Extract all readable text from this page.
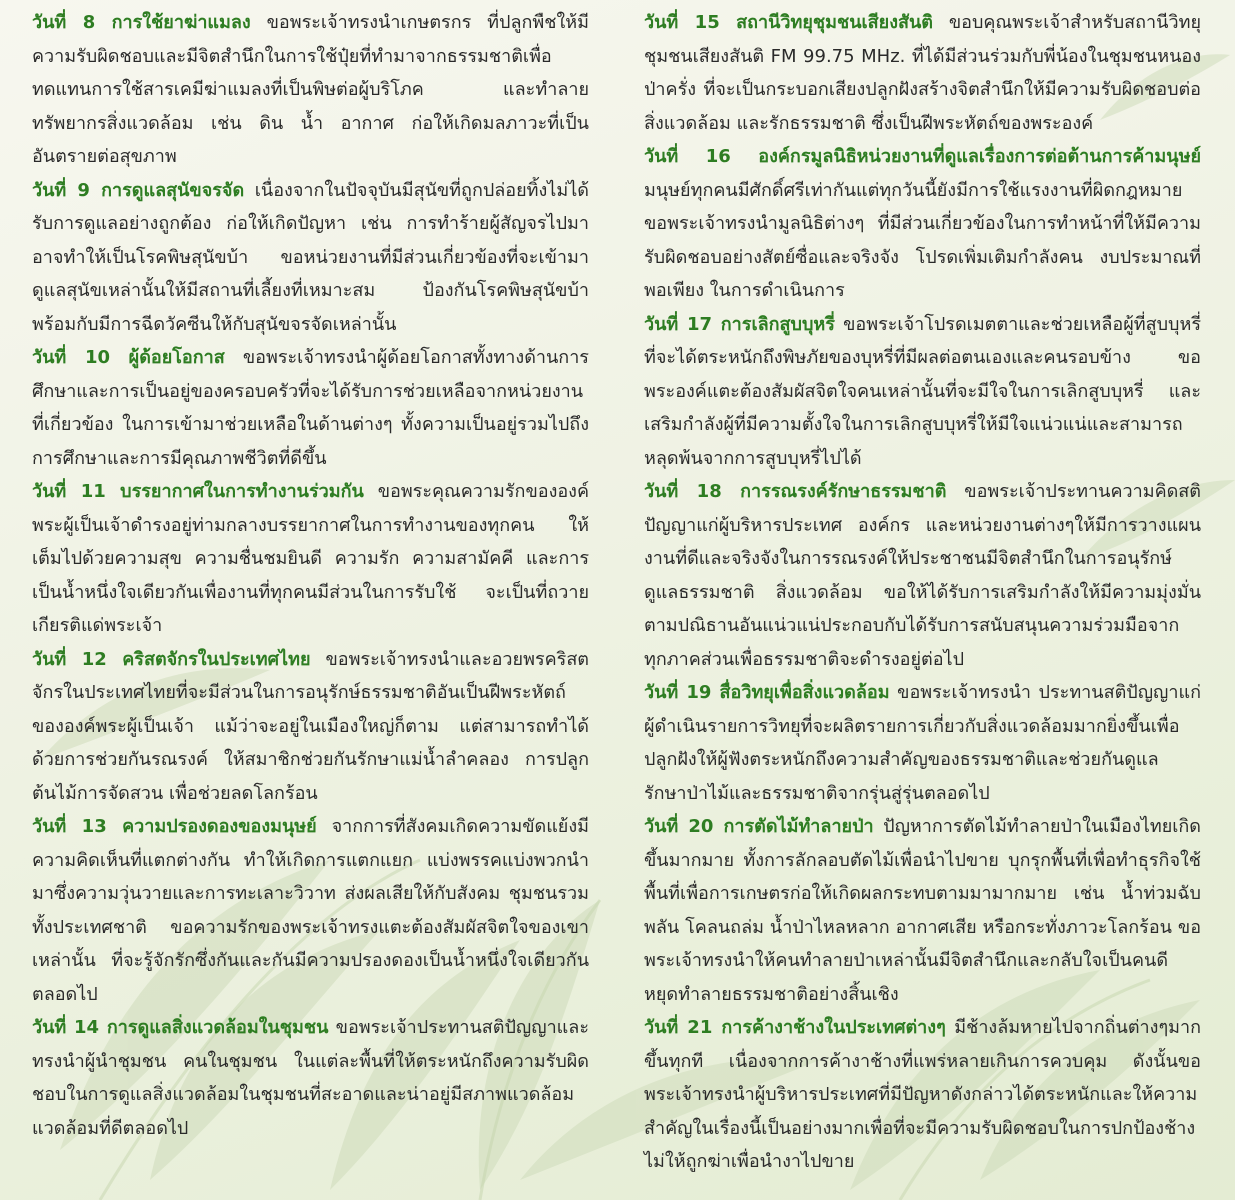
วันที่ 8 การใช้ยาฆ่าแมลง ขอพระเจ้าทรงนำเกษตรกร ที่ปลูกพืชให้มีความรับผิดชอบและมีจิตสำนึกในการใช้ปุ๋ยที่ทำมาจากธรรมชาติเพื่อทดแทนการใช้สารเคมีฆ่าแมลงที่เป็นพิษต่อผู้บริโภค และทำลายทรัพยากรสิ่งแวดล้อม เช่น ดิน น้ำ อากาศ ก่อให้เกิดมลภาวะที่เป็นอันตรายต่อสุขภาพ
วันที่ 9 การดูแลสุนัขจรจัด เนื่องจากในปัจจุบันมีสุนัขที่ถูกปล่อยทิ้งไม่ได้รับการดูแลอย่างถูกต้อง ก่อให้เกิดปัญหา เช่น การทำร้ายผู้สัญจรไปมา อาจทำให้เป็นโรคพิษสุนัขบ้า ขอหน่วยงานที่มีส่วนเกี่ยวข้องที่จะเข้ามาดูแลสุนัขเหล่านั้นให้มีสถานที่เลี้ยงที่เหมาะสม ป้องกันโรคพิษสุนัขบ้าพร้อมกับมีการฉีดวัคซีนให้กับสุนัขจรจัดเหล่านั้น
วันที่ 10 ผู้ด้อยโอกาส ขอพระเจ้าทรงนำผู้ด้อยโอกาสทั้งทางด้านการศึกษาและการเป็นอยู่ของครอบครัวที่จะได้รับการช่วยเหลือจากหน่วยงานที่เกี่ยวข้อง ในการเข้ามาช่วยเหลือในด้านต่างๆ ทั้งความเป็นอยู่รวมไปถึงการศึกษาและการมีคุณภาพชีวิตที่ดีขึ้น
วันที่ 11 บรรยากาศในการทำงานร่วมกัน ขอพระคุณความรักขององค์พระผู้เป็นเจ้าดำรงอยู่ท่ามกลางบรรยากาศในการทำงานของทุกคน ให้เต็มไปด้วยความสุข ความชื่นชมยินดี ความรัก ความสามัคคี และการเป็นน้ำหนึ่งใจเดียวกันเพื่องานที่ทุกคนมีส่วนในการรับใช้ จะเป็นที่ถวายเกียรติแด่พระเจ้า
วันที่ 12 คริสตจักรในประเทศไทย ขอพระเจ้าทรงนำและอวยพรคริสตจักรในประเทศไทยที่จะมีส่วนในการอนุรักษ์ธรรมชาติอันเป็นฝีพระหัตถ์ขององค์พระผู้เป็นเจ้า แม้ว่าจะอยู่ในเมืองใหญ่ก็ตาม แต่สามารถทำได้ด้วยการช่วยกันรณรงค์ ให้สมาชิกช่วยกันรักษาแม่น้ำลำคลอง การปลูกต้นไม้การจัดสวน เพื่อช่วยลดโลกร้อน
วันที่ 13 ความปรองดองของมนุษย์ จากการที่สังคมเกิดความขัดแย้งมีความคิดเห็นที่แตกต่างกัน ทำให้เกิดการแตกแยก แบ่งพรรคแบ่งพวกนำมาซึ่งความวุ่นวายและการทะเลาะวิวาท ส่งผลเสียให้กับสังคม ชุมชนรวมทั้งประเทศชาติ ขอความรักของพระเจ้าทรงแตะต้องสัมผัสจิตใจของเขาเหล่านั้น ที่จะรู้จักรักซึ่งกันและกันมีความปรองดองเป็นน้ำหนึ่งใจเดียวกันตลอดไป
วันที่ 14 การดูแลสิ่งแวดล้อมในชุมชน ขอพระเจ้าประทานสติปัญญาและทรงนำผู้นำชุมชน คนในชุมชน ในแต่ละพื้นที่ให้ตระหนักถึงความรับผิดชอบในการดูแลสิ่งแวดล้อมในชุมชนที่สะอาดและน่าอยู่มีสภาพแวดล้อมแวดล้อมที่ดีตลอดไป
วันที่ 15 สถานีวิทยุชุมชนเสียงสันติ ขอบคุณพระเจ้าสำหรับสถานีวิทยุชุมชนเสียงสันติ FM 99.75 MHz. ที่ได้มีส่วนร่วมกับพี่น้องในชุมชนหนองป่าครั่ง ที่จะเป็นกระบอกเสียงปลูกฝังสร้างจิตสำนึกให้มีความรับผิดชอบต่อสิ่งแวดล้อม และรักธรรมชาติ ซึ่งเป็นฝีพระหัตถ์ของพระองค์
วันที่ 16 องค์กรมูลนิธิหน่วยงานที่ดูแลเรื่องการต่อต้านการค้ามนุษย์ มนุษย์ทุกคนมีศักดิ์ศรีเท่ากันแต่ทุกวันนี้ยังมีการใช้แรงงานที่ผิดกฎหมาย ขอพระเจ้าทรงนำมูลนิธิต่างๆ ที่มีส่วนเกี่ยวข้องในการทำหน้าที่ให้มีความรับผิดชอบอย่างสัตย์ซื่อและจริงจัง โปรดเพิ่มเติมกำลังคน งบประมาณที่พอเพียง ในการดำเนินการ
วันที่ 17 การเลิกสูบบุหรี่ ขอพระเจ้าโปรดเมตตาและช่วยเหลือผู้ที่สูบบุหรี่ที่จะได้ตระหนักถึงพิษภัยของบุหรี่ที่มีผลต่อตนเองและคนรอบข้าง ขอพระองค์แตะต้องสัมผัสจิตใจคนเหล่านั้นที่จะมีใจในการเลิกสูบบุหรี่ และเสริมกำลังผู้ที่มีความตั้งใจในการเลิกสูบบุหรี่ให้มีใจแน่วแน่และสามารถหลุดพ้นจากการสูบบุหรี่ไปได้
วันที่ 18 การรณรงค์รักษาธรรมชาติ ขอพระเจ้าประทานความคิดสติปัญญาแก่ผู้บริหารประเทศ องค์กร และหน่วยงานต่างๆให้มีการวางแผนงานที่ดีและจริงจังในการรณรงค์ให้ประชาชนมีจิตสำนึกในการอนุรักษ์ดูแลธรรมชาติ สิ่งแวดล้อม ขอให้ได้รับการเสริมกำลังให้มีความมุ่งมั่นตามปณิธานอันแน่วแน่ประกอบกับได้รับการสนับสนุนความร่วมมือจากทุกภาคส่วนเพื่อธรรมชาติจะดำรงอยู่ต่อไป
วันที่ 19 สื่อวิทยุเพื่อสิ่งแวดล้อม ขอพระเจ้าทรงนำ ประทานสติปัญญาแก่ผู้ดำเนินรายการวิทยุที่จะผลิตรายการเกี่ยวกับสิ่งแวดล้อมมากยิ่งขึ้นเพื่อปลูกฝังให้ผู้ฟังตระหนักถึงความสำคัญของธรรมชาติและช่วยกันดูแลรักษาป่าไม้และธรรมชาติจากรุ่นสู่รุ่นตลอดไป
วันที่ 20 การตัดไม้ทำลายป่า ปัญหาการตัดไม้ทำลายป่าในเมืองไทยเกิดขึ้นมากมาย ทั้งการลักลอบตัดไม้เพื่อนำไปขาย บุกรุกพื้นที่เพื่อทำธุรกิจใช้พื้นที่เพื่อการเกษตรก่อให้เกิดผลกระทบตามมามากมาย เช่น น้ำท่วมฉับพลัน โคลนถล่ม น้ำป่าไหลหลาก อากาศเสีย หรือกระทั่งภาวะโลกร้อน ขอพระเจ้าทรงนำให้คนทำลายป่าเหล่านั้นมีจิตสำนึกและกลับใจเป็นคนดีหยุดทำลายธรรมชาติอย่างสิ้นเชิง
วันที่ 21 การค้างาช้างในประเทศต่างๆ มีช้างล้มหายไปจากถิ่นต่างๆมากขึ้นทุกที เนื่องจากการค้างาช้างที่แพร่หลายเกินการควบคุม ดังนั้นขอพระเจ้าทรงนำผู้บริหารประเทศที่มีปัญหาดังกล่าวได้ตระหนักและให้ความสำคัญในเรื่องนี้เป็นอย่างมากเพื่อที่จะมีความรับผิดชอบในการปกป้องช้าง ไม่ให้ถูกฆ่าเพื่อนำงาไปขาย
